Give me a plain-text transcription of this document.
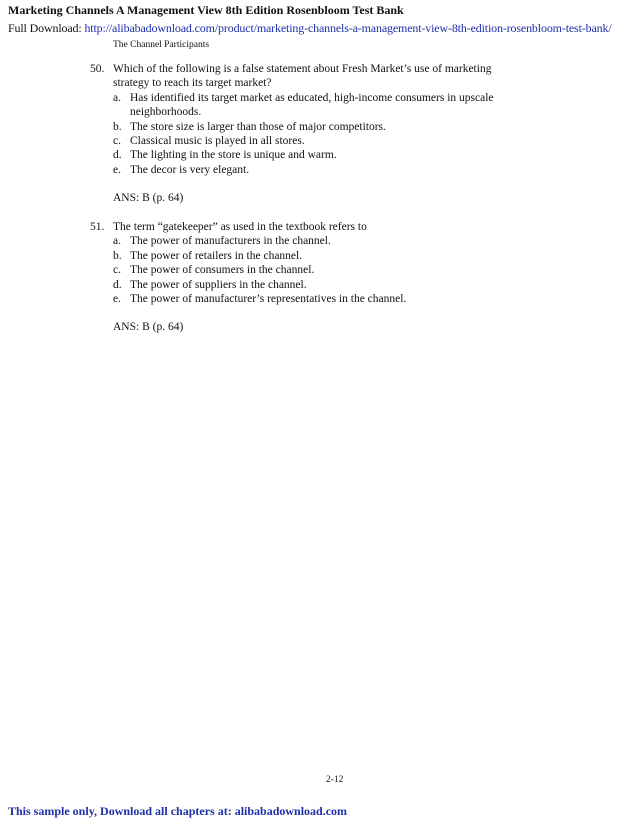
Marketing Channels A Management View 8th Edition Rosenbloom Test Bank
Full Download: http://alibabadownload.com/product/marketing-channels-a-management-view-8th-edition-rosenbloom-test-bank/
The Channel Participants
50. Which of the following is a false statement about Fresh Market’s use of marketing
strategy to reach its target market?
a. Has identified its target market as educated, high-income consumers in upscale
neighborhoods.
b. The store size is larger than those of major competitors.
c. Classical music is played in all stores.
d. The lighting in the store is unique and warm.
e. The decor is very elegant.
ANS: B (p. 64)
51. The term “gatekeeper” as used in the textbook refers to
a. The power of manufacturers in the channel.
b. The power of retailers in the channel.
c. The power of consumers in the channel.
d. The power of suppliers in the channel.
e. The power of manufacturer’s representatives in the channel.
ANS: B (p. 64)
2-12
This sample only, Download all chapters at: alibabadownload.com
